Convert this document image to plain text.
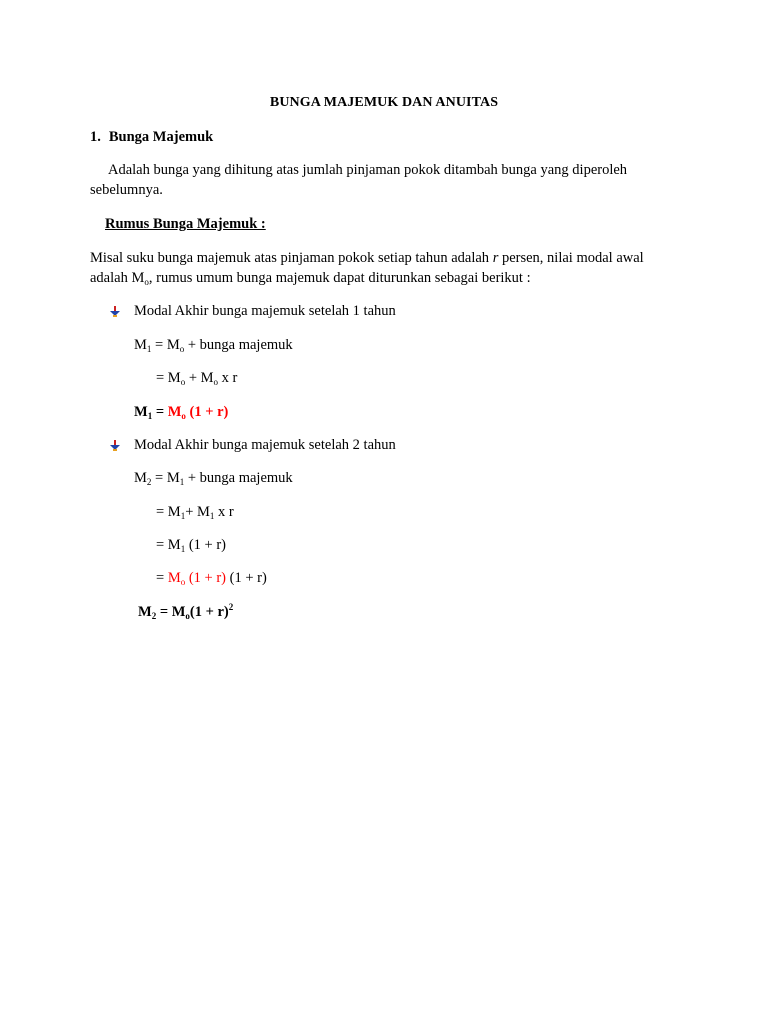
BUNGA MAJEMUK DAN ANUITAS
1. Bunga Majemuk
Adalah bunga yang dihitung atas jumlah pinjaman pokok ditambah bunga yang diperoleh
sebelumnya.
Rumus Bunga Majemuk :
Misal suku bunga majemuk atas pinjaman pokok setiap tahun adalah r persen, nilai modal awal
adalah $M_o$, rumus umum bunga majemuk dapat diturunkan sebagai berikut :
Modal Akhir bunga majemuk setelah 1 tahun
$M_1 = M_o$ + bunga majemuk
= $M_o + M_o$ x r
$M_1 = M_o$ (1 + r)
Modal Akhir bunga majemuk setelah 2 tahun
$M_2 = M_1$ + bunga majemuk
= $M_1+ M_1$ x r
= $M_1$ (1 + r)
= $M_o$ (1 + r) (1 + r)
$M_2 = M_o(1 + r)^2$
